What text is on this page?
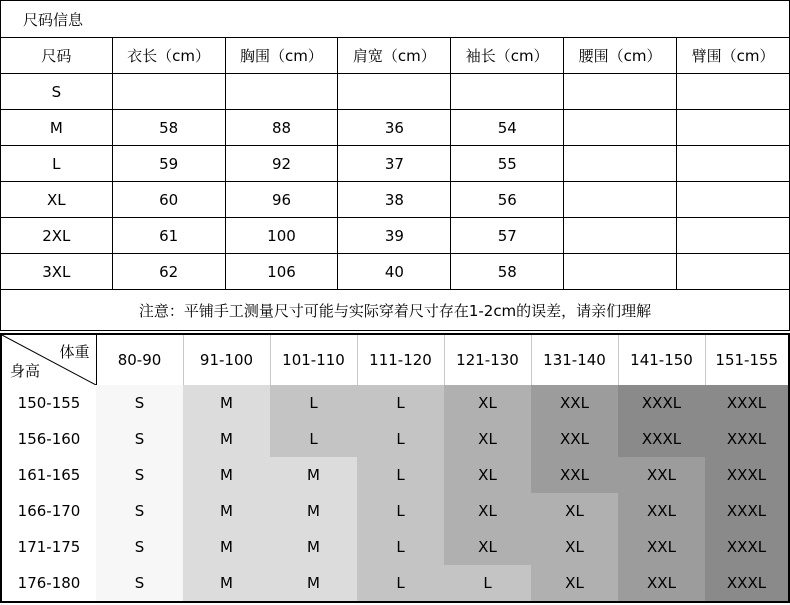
尺码信息
尺码	衣长（cm）	胸围（cm）	肩宽（cm）	袖长（cm）	腰围（cm）	臂围（cm）
S						
M	58	88	36	54		
L	59	92	37	55		
XL	60	96	38	56		
2XL	61	100	39	57		
3XL	62	106	40	58		
注意：平铺手工测量尺寸可能与实际穿着尺寸存在1-2cm的误差，请亲们理解						
体重
身高	80-90	91-100	101-110	111-120	121-130	131-140	141-150	151-155
150-155	S	M	L	L	XL	XXL	XXXL	XXXL
156-160	S	M	L	L	XL	XXL	XXXL	XXXL
161-165	S	M	M	L	XL	XXL	XXL	XXXL
166-170	S	M	M	L	XL	XL	XXL	XXXL
171-175	S	M	M	L	XL	XL	XXL	XXXL
176-180	S	M	M	L	L	XL	XXL	XXXL
